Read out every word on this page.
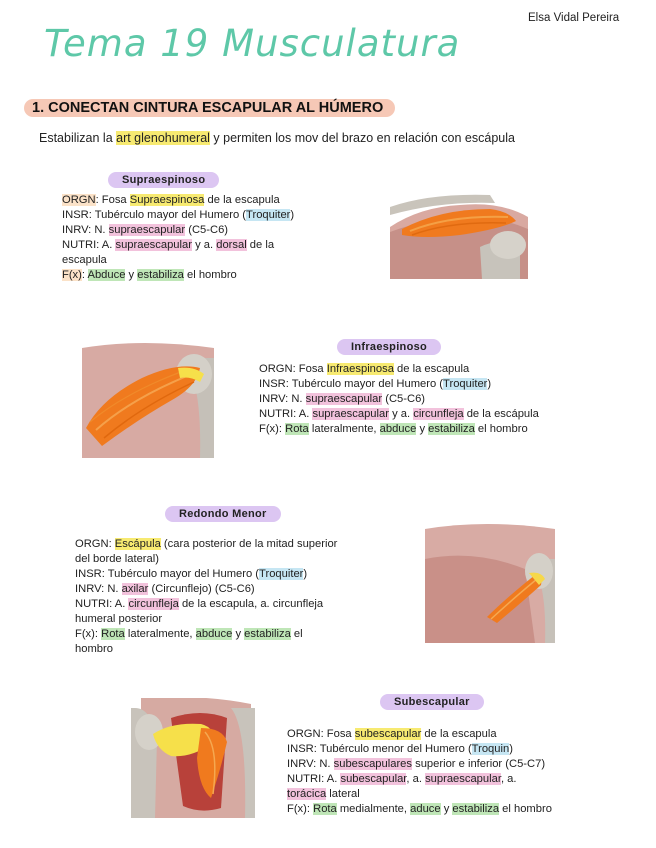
Elsa Vidal Pereira
Tema 19 Musculatura
1. CONECTAN CINTURA ESCAPULAR AL HÚMERO
Estabilizan la art glenohumeral y permiten los mov del brazo en relación con escápula
Supraespinoso
ORGN: Fosa Supraespinosa de la escapula
INSR: Tubérculo mayor del Humero (Troquiter)
INRV: N. supraescapular (C5-C6)
NUTRI: A. supraescapular y a. dorsal de la
escapula
F(x): Abduce y estabiliza el hombro
Infraespinoso
ORGN: Fosa Infraespinosa de la escapula
INSR: Tubérculo mayor del Humero (Troquiter)
INRV: N. supraescapular (C5-C6)
NUTRI: A. supraescapular y a. circunfleja de la escápula
F(x): Rota lateralmente, abduce y estabiliza el hombro
Redondo Menor
ORGN: Escápula (cara posterior de la mitad superior
del borde lateral)
INSR: Tubérculo mayor del Humero (Troquiter)
INRV: N. axilar (Circunflejo) (C5-C6)
NUTRI: A. circunfleja de la escapula, a. circunfleja
humeral posterior
F(x): Rota lateralmente, abduce y estabiliza el
hombro
Subescapular
ORGN: Fosa subescapular de la escapula
INSR: Tubérculo menor del Humero (Troquin)
INRV: N. subescapulares superior e inferior (C5-C7)
NUTRI: A. subescapular, a. supraescapular, a.
torácica lateral
F(x): Rota medialmente, aduce y estabiliza el hombro
